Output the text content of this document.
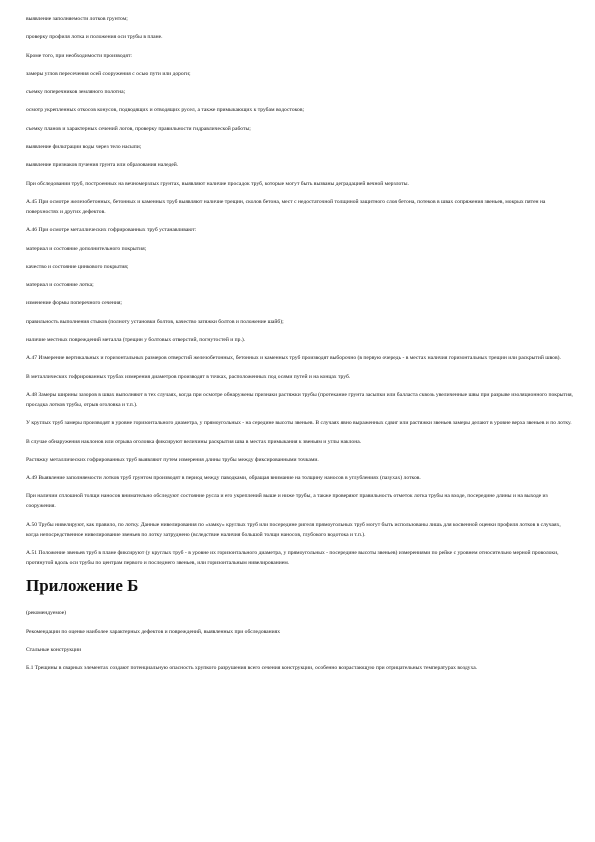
выявление заполняемости лотков грунтом;

проверку профиля лотка и положения оси трубы в плане.

Кроме того, при необходимости производят:

замеры углов пересечения осей сооружения с осью пути или дороги;

съемку поперечников земляного полотна;

осмотр укрепленных откосов конусов, подводящих и отводящих русел, а также примыкающих к трубам водостоков;

съемку планов и характерных сечений логов, проверку правильности гидравлической работы;

выявление фильтрации воды через тело насыпи;

выявление признаков пучения грунта или образования наледей.

При обследовании труб, построенных на вечномерзлых грунтах, выявляют наличие просадок труб, которые могут быть вызваны деградацией вечной мерзлоты.

А.45 При осмотре железобетонных, бетонных и каменных труб выявляют наличие трещин, сколов бетона, мест с недостаточной толщиной защитного слоя бетона, потеков в швах сопряжения звеньев, мокрых пятен на поверхностях и других дефектов.

А.46 При осмотре металлических гофрированных труб устанавливают:

материал и состояние дополнительного покрытия;

качество и состояние цинкового покрытия;

материал и состояние лотка;

изменение формы поперечного сечения;

правильность выполнения стыков (полноту установки болтов, качество затяжки болтов и положение шайб);

наличие местных повреждений металла (трещин у болтовых отверстий, погнутостей и пр.).

А.47 Измерение вертикальных и горизонтальных размеров отверстий железобетонных, бетонных и каменных труб производят выборочно (в первую очередь - в местах наличия горизонтальных трещин или раскрытий швов).

В металлических гофрированных трубах измерения диаметров производят в точках, расположенных под осями путей и на концах труб.

А.48 Замеры ширины зазоров в швах выполняют в тех случаях, когда при осмотре обнаружены признаки растяжки трубы (протекание грунта засыпки или балласта сквозь увеличенные швы при разрыве изоляционного покрытия, просадка лотков трубы, отрыв оголовка и т.п.).

У круглых труб замеры производят в уровне горизонтального диаметра, у прямоугольных - на середине высоты звеньев. В случаях явно выраженных сдвиг или растяжки звеньев замеры делают в уровне верха звеньев и по лотку.

В случае обнаружения наклонов или отрыва оголовка фиксируют величины раскрытия шва в местах примыкания к звеньям и углы наклона.

Растяжку металлических гофрированных труб выявляют путем измерения длины трубы между фиксированными точками.

А.49 Выявление заполняемости лотков труб грунтом производят в период между паводками, обращая внимание на толщину наносов в углублениях (пазухах) лотков.

При наличии сплошной толщи наносов внимательно обследуют состояние русла и его укреплений выше и ниже трубы, а также проверяют правильность отметок лотка трубы на входе, посередине длины и на выходе из сооружения.

А.50 Трубы нивелируют, как правило, по лотку. Данные нивелирования по «замку» круглых труб или посередине ригеля прямоугольных труб могут быть использованы лишь для косвенной оценки профиля лотков в случаях, когда непосредственное нивелирование звеньев по лотку затруднено (вследствие наличия большой толщи наносов, глубокого водотока и т.п.).

А.51 Положение звеньев труб в плане фиксируют (у круглых труб - в уровне их горизонтального диаметра, у прямоугольных - посередине высоты звеньев) измерениями по рейке с уровнем относительно мерной проволоки, протянутой вдоль оси трубы по центрам первого и последнего звеньев, или горизонтальным нивелированием.

Приложение Б

(рекомендуемое)

Рекомендации по оценке наиболее характерных дефектов и повреждений, выявленных при обследованиях

Стальные конструкции

Б.1 Трещины в сварных элементах создают потенциальную опасность хрупкого разрушения всего сечения конструкции, особенно возрастающую при отрицательных температурах воздуха.
